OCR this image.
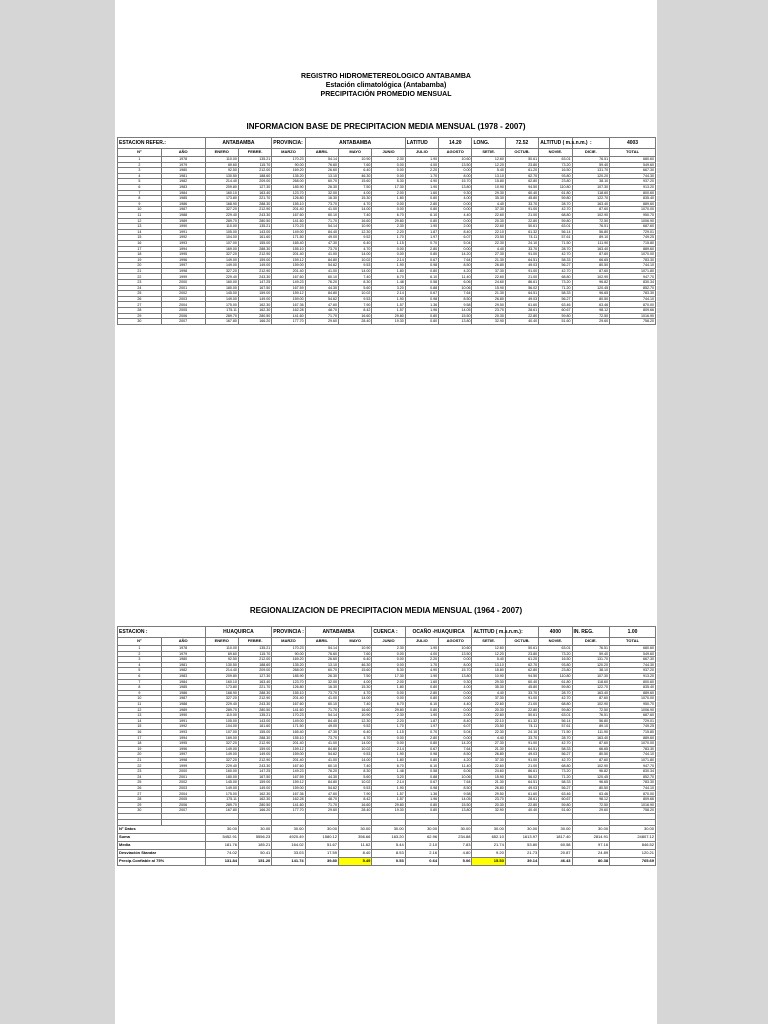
REGISTRO HIDROMETEREOLOGICO ANTABAMBA
Estación climatológica (Antabamba)
PRECIPITACIÓN PROMEDIO MENSUAL
INFORMACION BASE DE PRECIPITACION MEDIA MENSUAL (1978 - 2007)
ESTACION REFER.:		ANTABAMBA		PROVINCIA:	ANTABAMBA			LATITUD	14.20	LONG.	72.52	ALTITUD ( m.s.n.m.)	:	4003
N°	AÑO	ENERO	FEBRE.	MARZO	ABRIL	MAYO	JUNIO	JULIO	AGOSTO	SETIE.	OCTUB.	NOVIE.	DICIE.	TOTAL
1	1978	110.00	135.21	170.23	54.14	10.90	2.30	1.90	10.60	12.60	50.61	63.01	76.51	680.60
2	1979	69.60	115.70	90.00	76.60	7.60	0.00	4.00	13.50	12.20	23.80	73.20	59.40	549.60
3	1980	92.50	212.00	169.20	26.60	6.40	0.00	2.20	0.00	5.40	61.20	16.50	131.70	667.30
4	1981	130.50	188.60	135.20	13.10	46.30	0.00	1.70	8.00	13.10	62.70	93.80	120.20	744.30
5	1982	214.40	209.00	268.00	60.70	15.60	5.30	4.90	15.70	15.80	62.80	23.80	38.10	937.20
6	1983	209.80	127.30	185.90	26.30	7.50	17.30	1.90	13.80	10.90	94.50	110.80	107.30	913.20
7	1984	160.10	163.40	123.70	32.00	4.00	2.00	1.60	9.30	29.30	60.40	61.80	118.60	800.60
8	1985	173.80	221.70	126.80	16.30	15.30	1.80	0.80	4.00	35.30	45.80	59.80	122.70	835.40
9	1986	168.90	288.30	155.10	73.70	4.70	0.00	2.80	0.00	4.40	33.70	28.70	163.40	889.60
10	1987	327.20	212.90	201.40	41.00	14.00	0.00	0.80	0.00	37.30	91.00	42.70	87.60	1070.00
11	1988	229.40	243.30	167.60	60.10	7.40	6.70	6.10	4.40	22.60	21.00	68.80	102.90	950.70
12	1989	289.70	280.50	141.60	71.70	16.60	29.80	0.80	0.00	20.30	22.80	59.80	72.50	1006.90
13	1990	110.00	135.21	170.23	54.14	10.90	2.30	1.90	2.00	22.60	50.61	63.01	76.51	687.60
14	1991	105.00	143.00	149.00	84.40	12.30	2.20	1.87	8.40	22.10	61.32	56.14	56.80	729.01
15	1992	104.00	161.60	171.50	49.00	9.52	1.70	1.97	6.07	23.50	74.11	57.61	89.10	749.25
16	1993	107.00	155.00	165.40	47.30	6.40	1.15	0.70	5.04	22.30	24.10	71.50	111.90	715.80
17	1994	169.00	288.30	155.10	73.70	4.70	0.00	2.80	0.00	4.40	33.70	28.70	163.40	889.60
18	1995	327.20	212.90	201.40	41.00	14.00	0.00	0.80	14.20	27.30	91.00	42.70	87.60	1070.00
19	1996	149.00	159.00	159.12	84.80	10.02	2.14	0.67	7.64	21.30	64.51	58.33	66.65	783.30
20	1997	149.00	149.00	159.00	54.62	9.53	1.90	0.98	8.50	26.80	49.03	56.27	80.50	744.10
21	1998	327.20	212.90	201.40	41.00	14.00	1.80	0.80	4.20	37.30	91.00	42.70	87.60	1071.80
22	1999	229.40	243.30	167.60	60.10	7.40	6.70	6.10	11.40	22.60	21.00	68.80	102.90	947.70
23	2000	160.00	147.25	149.23	76.20	8.30	1.48	0.58	6.06	24.60	86.61	73.20	96.82	830.34
24	2001	180.00	167.50	167.59	44.30	5.60	3.20	0.88	10.06	15.90	56.02	71.20	120.45	852.70
25	2002	145.00	159.00	159.12	84.80	10.02	2.14	0.67	7.64	21.30	64.51	58.33	96.65	783.30
26	2003	149.00	149.00	159.00	54.62	9.53	1.90	0.98	8.50	26.80	49.03	56.27	80.50	744.10
27	2004	175.00	162.30	167.36	47.60	7.90	1.57	1.36	9.58	29.50	61.60	63.46	63.46	870.00
28	2005	175.11	162.30	162.28	48.70	8.42	1.57	1.96	14.05	23.70	28.61	60.67	98.12	809.66
29	2006	289.70	280.50	141.60	71.70	16.60	29.80	0.80	15.50	20.30	22.80	59.80	72.50	1016.90
30	2007	167.80	166.20	177.70	29.60	28.40	19.30	0.80	13.80	32.90	40.40	51.60	29.60	758.20
REGIONALIZACION DE PRECIPITACION MEDIA MENSUAL (1964 - 2007)
ESTACION :		HUAQUIRCA		PROVINCIA :	ANTABAMBA		CUENCA :	OCAÑO -HUAQUIRCA		ALTITUD ( m.s.n.m.)	:	4000	IN. REG.	1.00
N°	AÑO	ENERO	FEBRE.	MARZO	ABRIL	MAYO	JUNIO	JULIO	AGOSTO	SETIE.	OCTUB.	NOVIE.	DICIE.	TOTAL
1	1978	110.00	135.21	170.23	54.14	10.90	2.30	1.90	10.60	12.60	50.61	63.01	76.51	680.60
2	1979	69.60	115.70	90.00	76.60	7.60	0.00	4.00	13.50	12.20	23.80	73.20	59.40	549.60
3	1980	92.50	212.00	169.20	26.60	6.40	0.00	2.20	0.00	5.40	61.20	16.50	131.70	667.30
4	1981	130.50	188.60	135.20	13.10	46.30	0.00	1.70	8.00	13.10	62.70	93.80	120.20	744.30
5	1982	214.40	209.00	268.00	60.70	15.60	5.30	4.90	15.70	15.80	62.80	23.80	38.10	937.20
6	1983	209.80	127.30	185.90	26.30	7.50	17.30	1.90	13.80	10.90	94.50	110.80	107.30	913.20
7	1984	160.10	163.40	123.70	32.00	4.00	2.00	1.60	9.30	29.30	60.40	61.80	118.60	800.60
8	1985	173.80	221.70	126.80	16.30	15.30	1.80	0.80	4.00	35.30	45.80	59.80	122.70	835.40
9	1986	168.90	288.30	155.10	73.70	4.70	0.00	2.80	0.00	4.40	33.70	28.70	163.40	889.60
10	1987	327.20	212.90	201.40	41.00	14.00	0.00	0.80	0.00	37.30	91.00	42.70	87.60	1070.00
11	1988	229.40	243.30	167.60	60.10	7.40	6.70	6.10	4.40	22.60	21.00	68.80	102.90	950.70
12	1989	289.70	280.50	141.60	71.70	16.60	29.80	0.80	0.00	20.30	22.80	59.80	72.50	1006.90
13	1990	110.00	135.21	170.23	54.14	10.90	2.30	1.90	2.00	22.60	50.61	63.01	76.51	687.60
14	1991	105.00	143.00	149.00	84.40	12.30	2.20	1.87	8.40	22.10	61.32	56.14	56.80	729.01
15	1992	104.00	161.60	171.50	49.00	9.52	1.70	1.97	6.07	23.50	74.11	57.61	89.10	749.25
16	1993	107.00	155.00	165.40	47.30	6.40	1.15	0.70	5.04	22.30	24.10	71.50	111.90	715.80
17	1994	169.00	288.30	155.10	73.70	4.70	0.00	2.80	0.00	4.40	33.70	28.70	163.40	889.60
18	1995	327.20	212.90	201.40	41.00	14.00	0.00	0.80	14.20	27.30	91.00	42.70	87.60	1070.00
19	1996	149.00	159.00	159.12	84.80	10.02	2.14	0.67	7.64	21.30	64.51	58.33	66.65	783.30
20	1997	149.00	149.00	159.00	54.62	9.53	1.90	0.98	8.50	26.80	49.03	56.27	80.50	744.10
21	1998	327.20	212.90	201.40	41.00	14.00	1.80	0.80	4.20	37.30	91.00	42.70	87.60	1071.80
22	1999	229.40	243.30	167.60	60.10	7.40	6.70	6.10	11.40	22.60	21.00	68.80	102.90	947.70
23	2000	160.00	147.25	149.23	76.20	8.30	1.48	0.58	6.06	24.60	86.61	73.20	96.82	830.34
24	2001	180.00	167.50	167.59	44.30	5.60	3.20	0.88	10.06	15.90	56.02	71.20	120.45	852.70
25	2002	145.00	159.00	159.12	84.80	10.02	2.14	0.67	7.64	21.30	64.51	58.33	96.65	783.30
26	2003	149.00	149.00	159.00	54.62	9.53	1.90	0.98	8.50	26.80	49.03	56.27	80.50	744.10
27	2004	175.00	162.30	167.36	47.60	7.90	1.57	1.36	9.58	29.50	61.60	63.46	63.46	870.00
28	2005	175.11	162.30	162.28	48.70	8.42	1.57	1.96	14.05	23.70	28.61	60.67	98.12	809.66
29	2006	289.70	280.50	141.60	71.70	16.60	29.80	0.80	15.50	20.30	22.80	59.80	72.50	1016.90
30	2007	167.80	166.20	177.70	29.60	28.40	19.30	0.80	13.80	32.90	40.40	51.60	29.60	758.20

N° Datos		30.00	30.00	30.00	30.00	30.00	30.00	30.00	30.00	30.00	30.00	30.00	30.00	30.00
Suma		5452.91	5556.23	4920.49	1580.12	356.66	163.20	62.96	234.88	652.10	1613.97	1817.40	2814.91	24807.12
Media		181.76	185.21	164.02	51.67	11.62	5.44	2.10	7.83	21.74	53.80	60.58	97.16	846.52
Desviación Standar		74.02	50.41	33.03	17.59	8.40	8.53	2.16	4.80	9.20	21.73	20.87	24.89	120.21
Precip.Confiable al 75%		131.84	151.20	141.74	39.80	5.49	0.53	0.64	5.06	15.53	39.14	46.43	80.38	765.69
